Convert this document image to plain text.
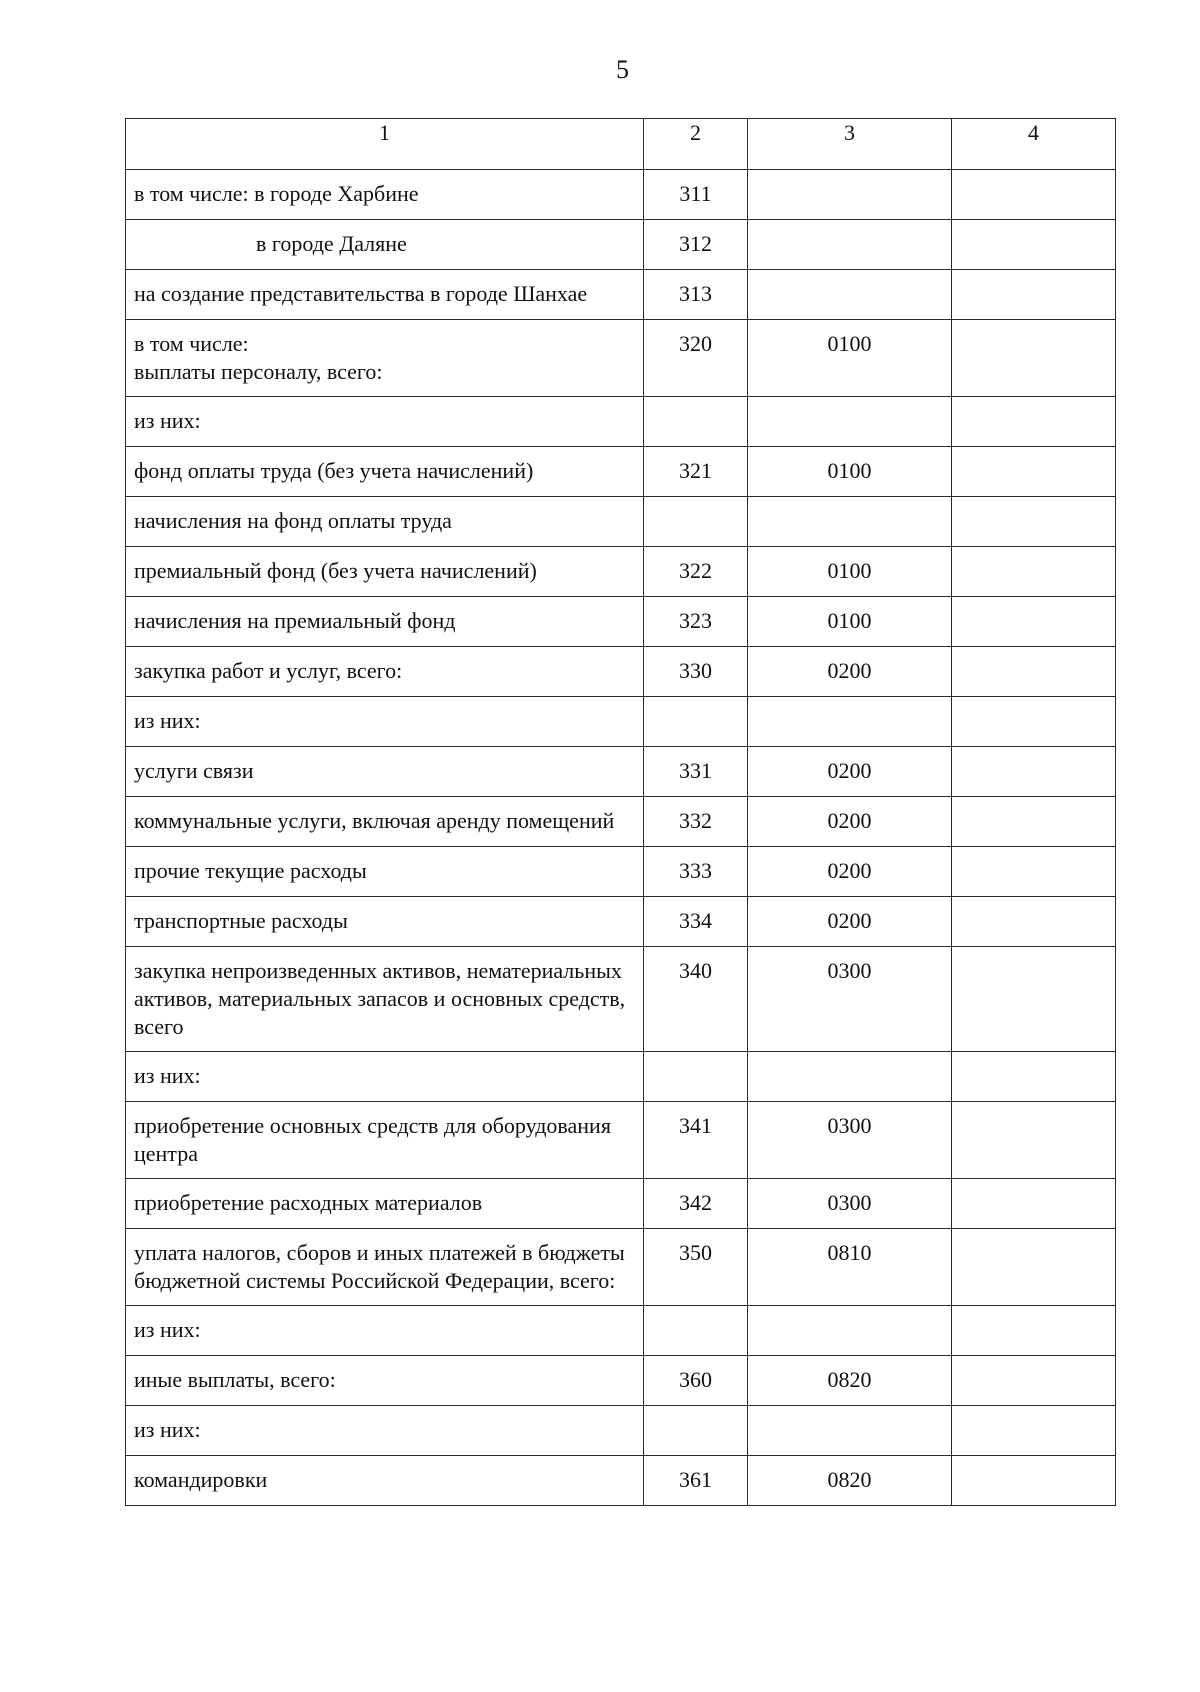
5
1	2	3	4
в том числе: в городе Харбине	311		
в городе Даляне	312		
на создание представительства в городе Шанхае	313		
в том числе:
выплаты персоналу, всего:	320	0100	
из них:			
фонд оплаты труда (без учета начислений)	321	0100	
начисления на фонд оплаты труда			
премиальный фонд (без учета начислений)	322	0100	
начисления на премиальный фонд	323	0100	
закупка работ и услуг, всего:	330	0200	
из них:			
услуги связи	331	0200	
коммунальные услуги, включая аренду помещений	332	0200	
прочие текущие расходы	333	0200	
транспортные расходы	334	0200	
закупка непроизведенных активов, нематериальных активов, материальных запасов и основных средств, всего	340	0300	
из них:			
приобретение основных средств для оборудования центра	341	0300	
приобретение расходных материалов	342	0300	
уплата налогов, сборов и иных платежей в бюджеты бюджетной системы Российской Федерации, всего:	350	0810	
из них:			
иные выплаты, всего:	360	0820	
из них:			
командировки	361	0820	
